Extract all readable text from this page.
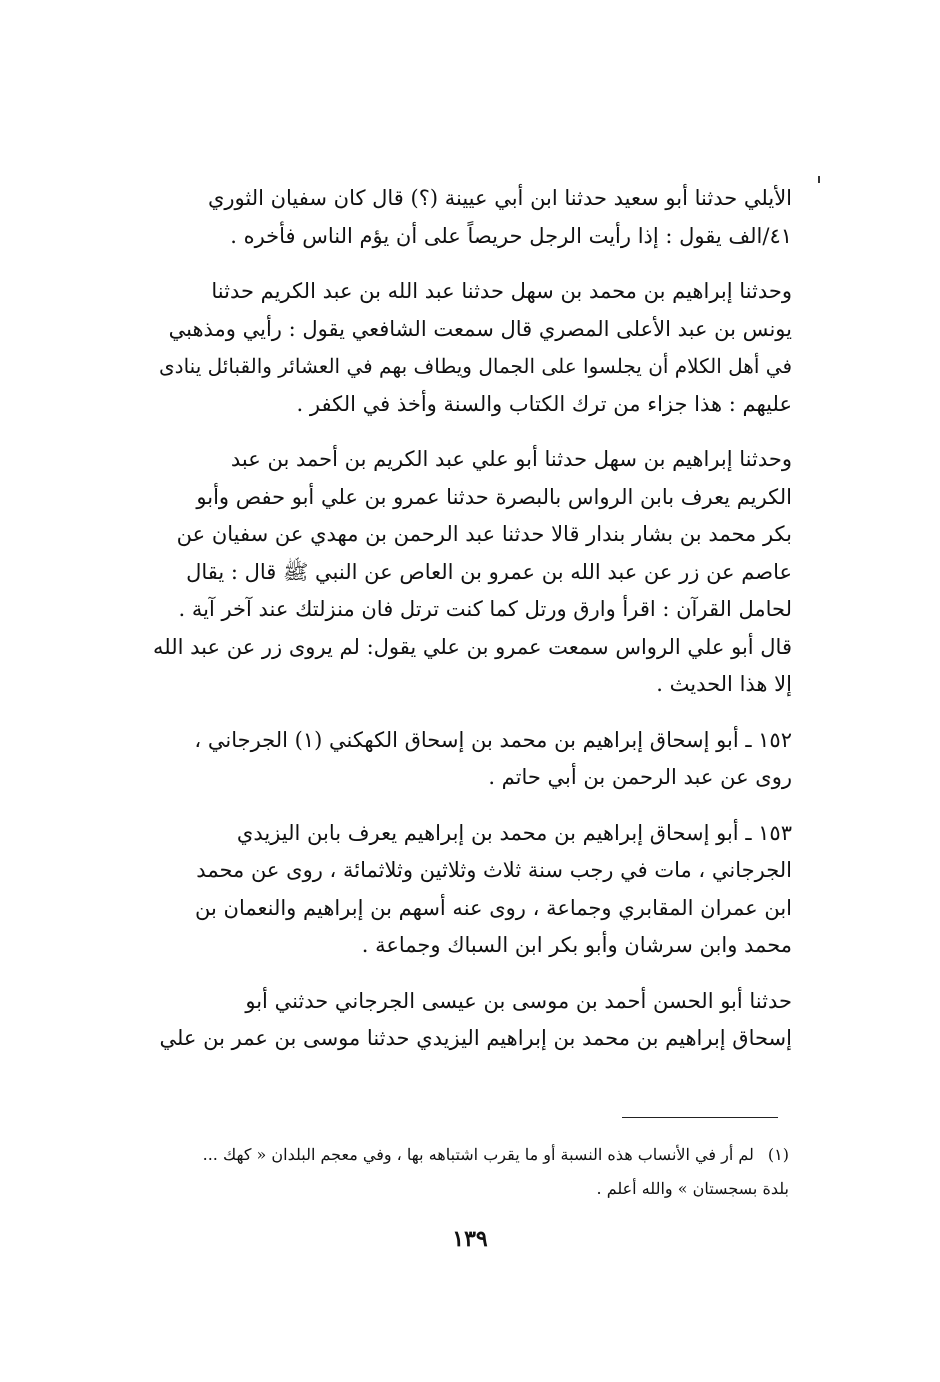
الأيلي حدثنا أبو سعيد حدثنا ابن أبي عيينة (؟) قال كان سفيان الثوري
٤١/الف يقول : إذا رأيت الرجل حريصاً على أن يؤم الناس فأخره .

وحدثنا إبراهيم بن محمد بن سهل حدثنا عبد الله بن عبد الكريم حدثنا
يونس بن عبد الأعلى المصري قال سمعت الشافعي يقول : رأيي ومذهبي
في أهل الكلام أن يجلسوا على الجمال ويطاف بهم في العشائر والقبائل ينادى
عليهم : هذا جزاء من ترك الكتاب والسنة وأخذ في الكفر .

وحدثنا إبراهيم بن سهل حدثنا أبو علي عبد الكريم بن أحمد بن عبد
الكريم يعرف بابن الرواس بالبصرة حدثنا عمرو بن علي أبو حفص وأبو
بكر محمد بن بشار بندار قالا حدثنا عبد الرحمن بن مهدي عن سفيان عن
عاصم عن زر عن عبد الله بن عمرو بن العاص عن النبي ﷺ قال : يقال
لحامل القرآن : اقرأ وارق ورتل كما كنت ترتل فان منزلتك عند آخر آية .
قال أبو علي الرواس سمعت عمرو بن علي يقول: لم يروى زر عن عبد الله
إلا هذا الحديث .

١٥٢ ـ أبو إسحاق إبراهيم بن محمد بن إسحاق الكهكني (١) الجرجاني ،
روى عن عبد الرحمن بن أبي حاتم .

١٥٣ ـ أبو إسحاق إبراهيم بن محمد بن إبراهيم يعرف بابن اليزيدي
الجرجاني ، مات في رجب سنة ثلاث وثلاثين وثلاثمائة ، روى عن محمد
ابن عمران المقابري وجماعة ، روى عنه أسهم بن إبراهيم والنعمان بن
محمد وابن سرشان وأبو بكر ابن السباك وجماعة .

حدثنا أبو الحسن أحمد بن موسى بن عيسى الجرجاني حدثني أبو
إسحاق إبراهيم بن محمد بن إبراهيم اليزيدي حدثنا موسى بن عمر بن علي

(١)لم أر في الأنساب هذه النسبة أو ما يقرب اشتباهه بها ، وفي معجم البلدان « كهك ...
بلدة بسجستان » والله أعلم .
١٣٩
